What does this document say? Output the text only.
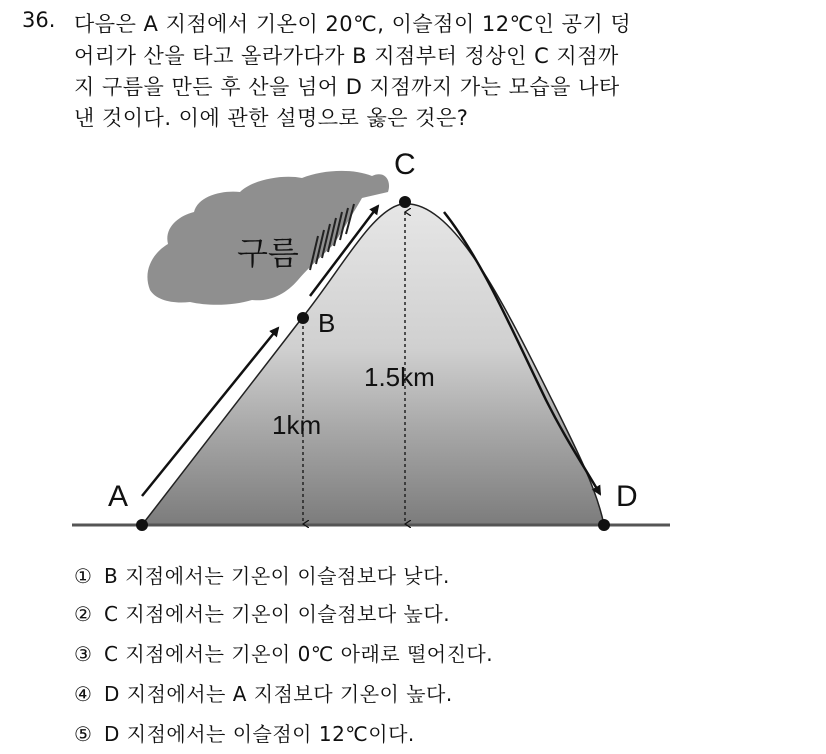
36. 다음은 A 지점에서 기온이 20℃, 이슬점이 12℃인 공기 덩
어리가 산을 타고 올라가다가 B 지점부터 정상인 C 지점까
지 구름을 만든 후 산을 넘어 D 지점까지 가는 모습을 나타
낸 것이다. 이에 관한 설명으로 옳은 것은?
구름
A
B
C
D
1km
1.5km
① B 지점에서는 기온이 이슬점보다 낮다.
② C 지점에서는 기온이 이슬점보다 높다.
③ C 지점에서는 기온이 0℃ 아래로 떨어진다.
④ D 지점에서는 A 지점보다 기온이 높다.
⑤ D 지점에서는 이슬점이 12℃이다.
